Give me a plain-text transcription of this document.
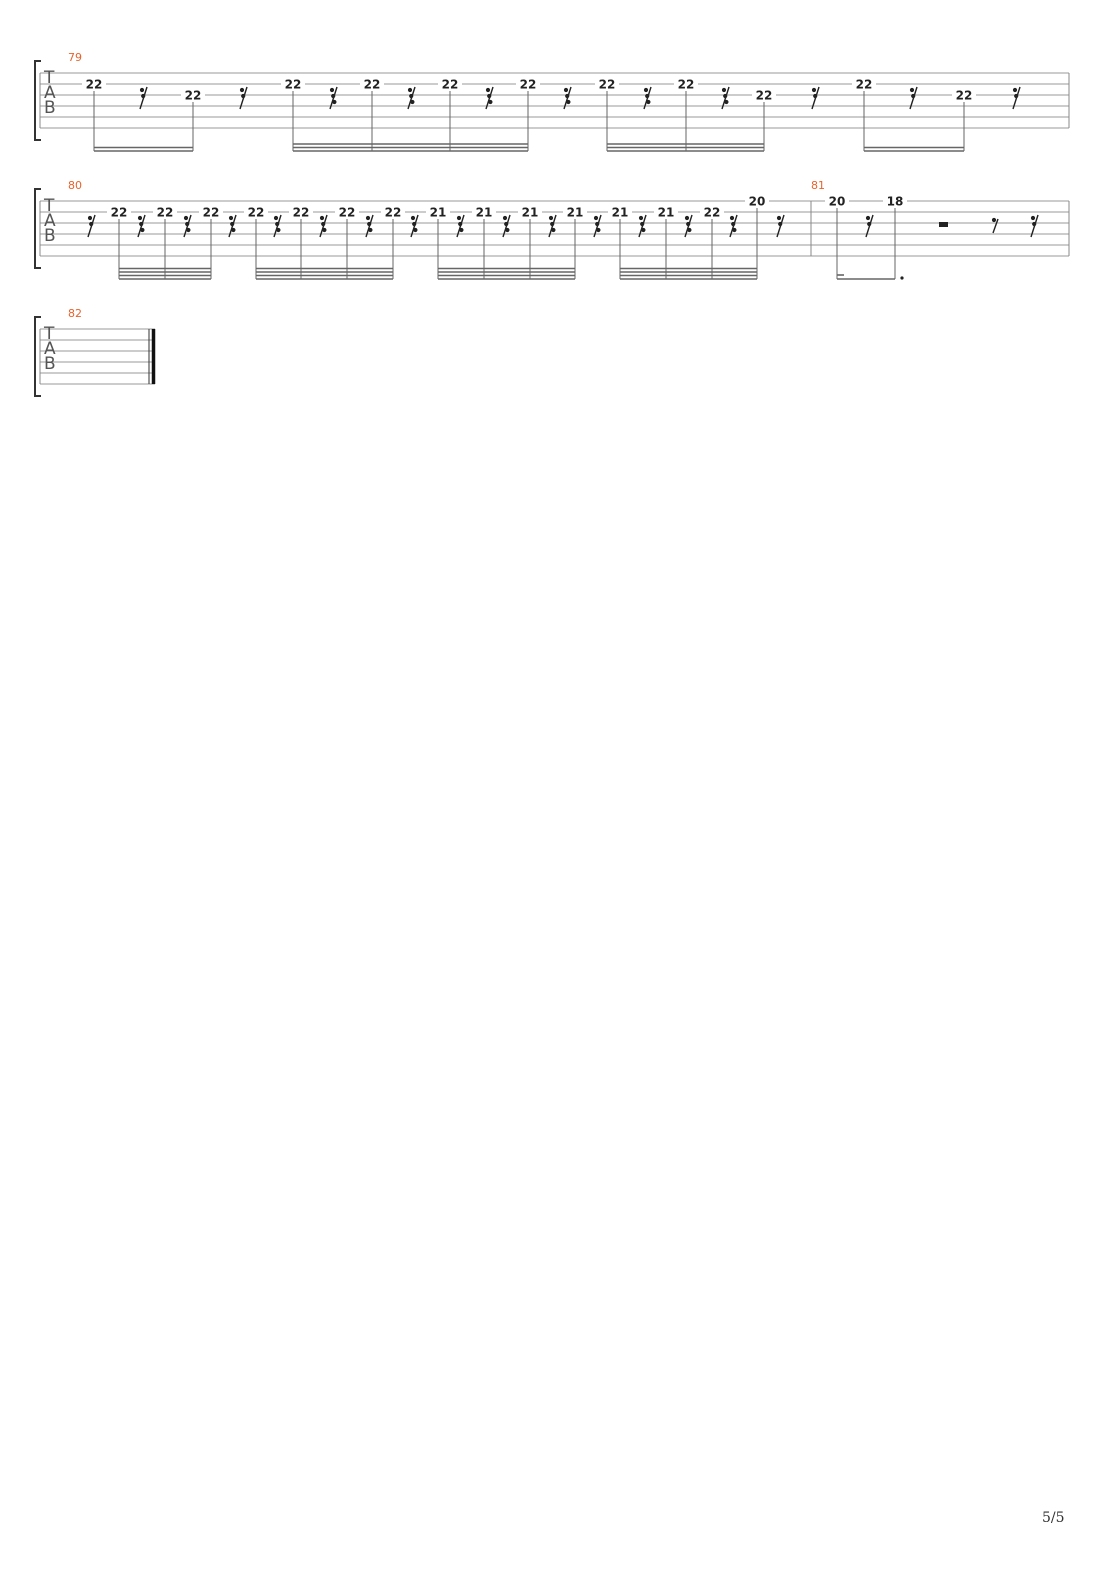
T
A
B
T
A
B
T
A
B
79
22
22
22	22	22	22	22	22
22
22
22
80
22 22 22 22 22 22 22 21 21 21 21 21 21 22
20
81
20	18
82
5/5
